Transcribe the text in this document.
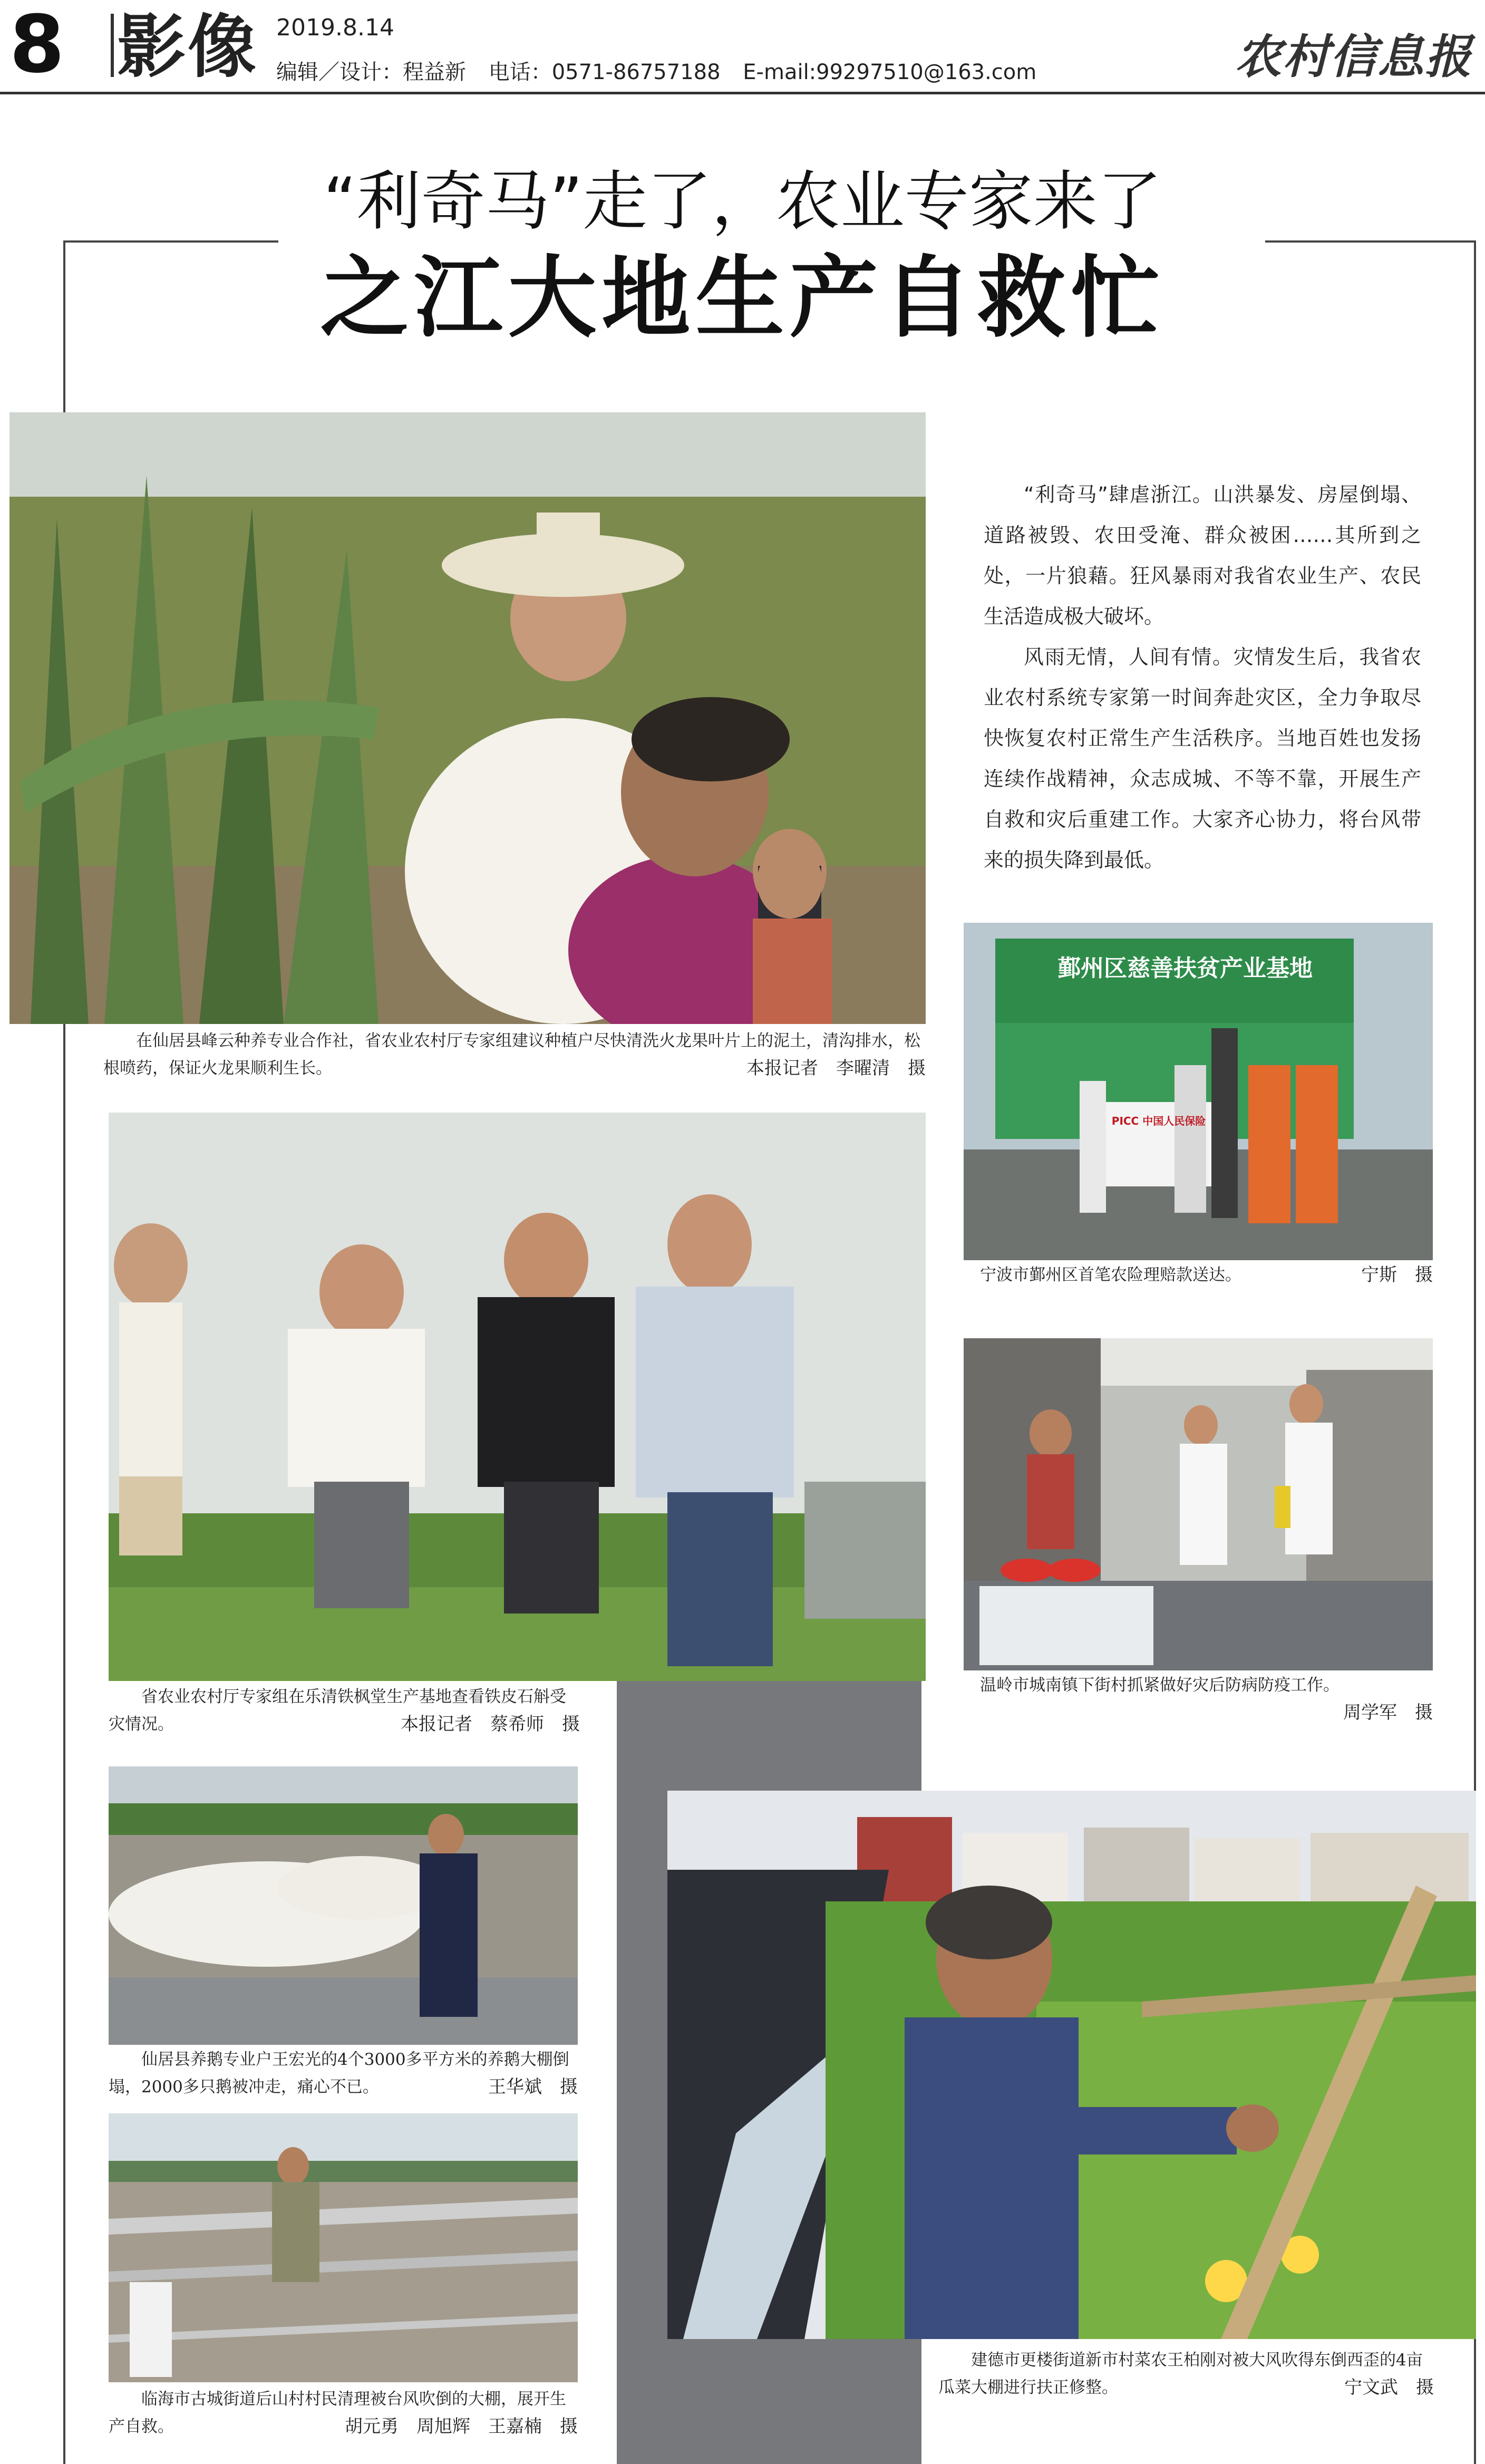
8 影像 2019.8.14
编辑／设计：程益新 电话：0571-86757188 E-mail:99297510@163.com	农村信息报
“利奇马”走了，农业专家来了
之江大地生产自救忙
在仙居县峰云种养专业合作社，省农业农村厅专家组建议种植户尽快清洗火龙果叶片上的泥土，清沟排水，松根喷药，保证火龙果顺利生长。	本报记者　李曜清　摄

“利奇马”肆虐浙江。山洪暴发、房屋倒塌、道路被毁、农田受淹、群众被困……其所到之处，一片狼藉。狂风暴雨对我省农业生产、农民生活造成极大破坏。

风雨无情，人间有情。灾情发生后，我省农业农村系统专家第一时间奔赴灾区，全力争取尽快恢复农村正常生产生活秩序。当地百姓也发扬连续作战精神，众志成城、不等不靠，开展生产自救和灾后重建工作。大家齐心协力，将台风带来的损失降到最低。

鄞州区慈善扶贫产业基地
PICC 中国人民保险
宁波市鄞州区首笔农险理赔款送达。	宁斯　摄
省农业农村厅专家组在乐清铁枫堂生产基地查看铁皮石斛受灾情况。	本报记者　蔡希师　摄
温岭市城南镇下街村抓紧做好灾后防病防疫工作。
周学军　摄
仙居县养鹅专业户王宏光的4个3000多平方米的养鹅大棚倒塌，2000多只鹅被冲走，痛心不已。	王华斌　摄
临海市古城街道后山村村民清理被台风吹倒的大棚，展开生产自救。	胡元勇　周旭辉　王嘉楠　摄
建德市更楼街道新市村菜农王柏刚对被大风吹得东倒西歪的4亩瓜菜大棚进行扶正修整。	宁文武　摄
